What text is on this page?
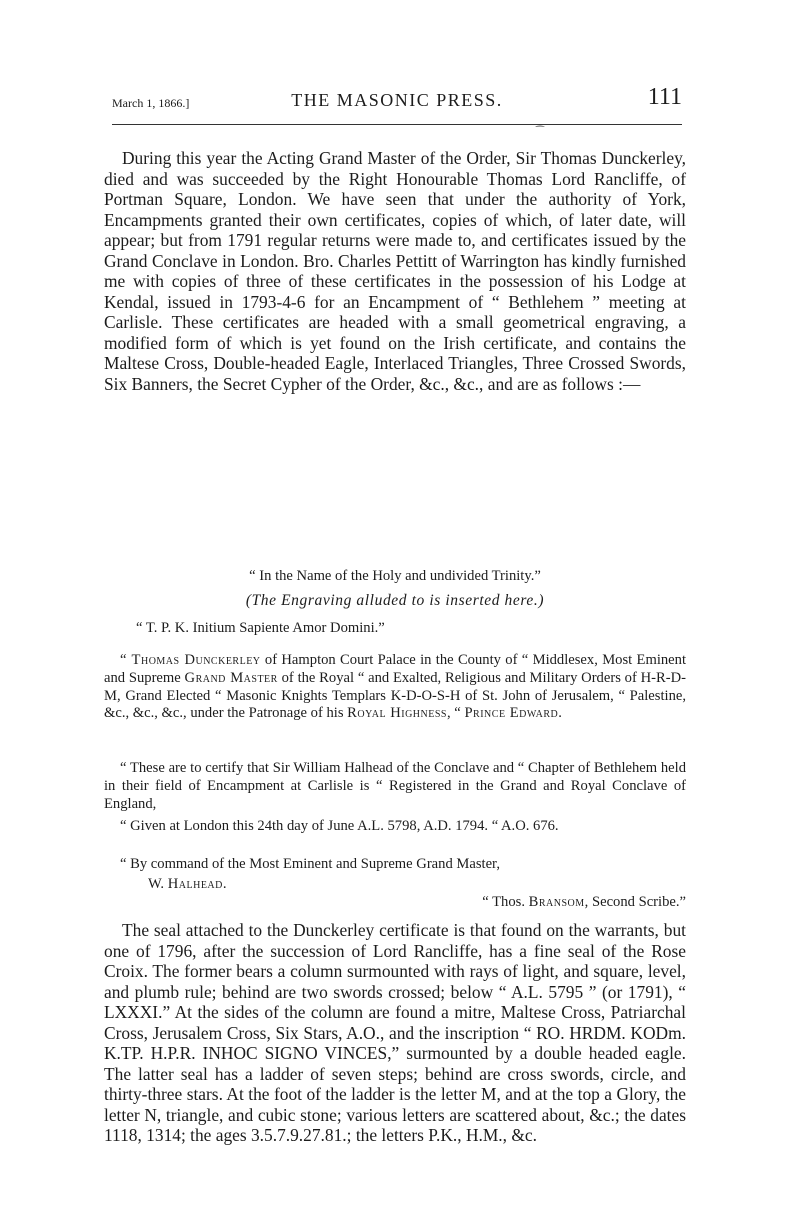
March 1, 1866.]	THE MASONIC PRESS.	111
⁀

During this year the Acting Grand Master of the Order, Sir Thomas Dunckerley, died and was succeeded by the Right Honourable Thomas Lord Rancliffe, of Portman Square, London. We have seen that under the authority of York, Encampments granted their own certificates, copies of which, of later date, will appear; but from 1791 regular returns were made to, and certificates issued by the Grand Conclave in London. Bro. Charles Pettitt of Warrington has kindly furnished me with copies of three of these certificates in the possession of his Lodge at Kendal, issued in 1793-4-6 for an Encampment of “ Bethlehem ” meeting at Carlisle. These certificates are headed with a small geometrical engraving, a modified form of which is yet found on the Irish certificate, and contains the Maltese Cross, Double-headed Eagle, Interlaced Triangles, Three Crossed Swords, Six Banners, the Secret Cypher of the Order, &c., &c., and are as follows :—

“ In the Name of the Holy and undivided Trinity.”
(The Engraving alluded to is inserted here.)
“ T. P. K. Initium Sapiente Amor Domini.”

“ Thomas Dunckerley of Hampton Court Palace in the County of “ Middlesex, Most Eminent and Supreme Grand Master of the Royal “ and Exalted, Religious and Military Orders of H-R-D-M, Grand Elected “ Masonic Knights Templars K-D-O-S-H of St. John of Jerusalem, “ Palestine, &c., &c., &c., under the Patronage of his Royal Highness, “ Prince Edward.

“ These are to certify that Sir William Halhead of the Conclave and “ Chapter of Bethlehem held in their field of Encampment at Carlisle is “ Registered in the Grand and Royal Conclave of England,

“ Given at London this 24th day of June A.L. 5798, A.D. 1794. “ A.O. 676.

“ By command of the Most Eminent and Supreme Grand Master,

W. Halhead.
“ Thos. Bransom, Second Scribe.”

The seal attached to the Dunckerley certificate is that found on the warrants, but one of 1796, after the succession of Lord Rancliffe, has a fine seal of the Rose Croix. The former bears a column surmounted with rays of light, and square, level, and plumb rule; behind are two swords crossed; below “ A.L. 5795 ” (or 1791), “ LXXXI.” At the sides of the column are found a mitre, Maltese Cross, Patriarchal Cross, Jerusalem Cross, Six Stars, A.O., and the inscription “ RO. HRDM. KODm. K.TP. H.P.R. INHOC SIGNO VINCES,” surmounted by a double headed eagle. The latter seal has a ladder of seven steps; behind are cross swords, circle, and thirty-three stars. At the foot of the ladder is the letter M, and at the top a Glory, the letter N, triangle, and cubic stone; various letters are scattered about, &c.; the dates 1118, 1314; the ages 3.5.7.9.27.81.; the letters P.K., H.M., &c.
